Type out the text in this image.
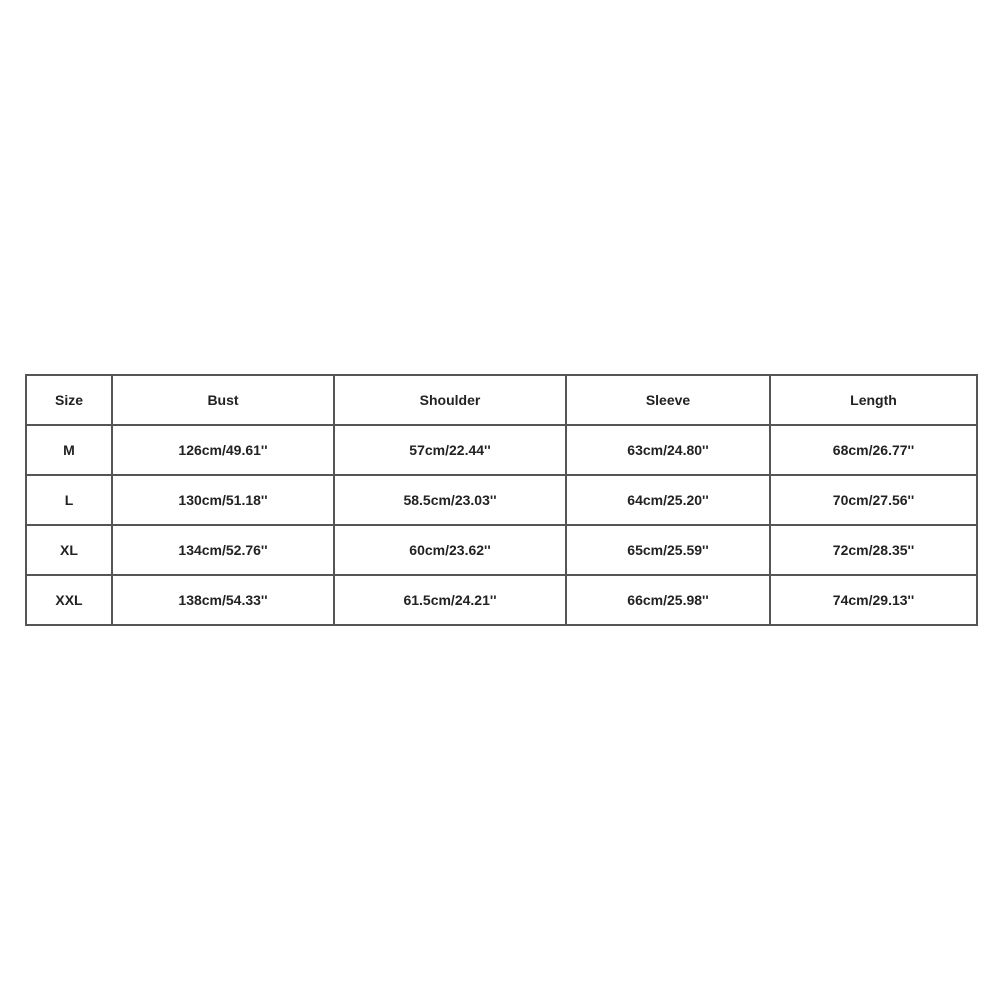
Size	Bust	Shoulder	Sleeve	Length
M	126cm/49.61''	57cm/22.44''	63cm/24.80''	68cm/26.77''
L	130cm/51.18''	58.5cm/23.03''	64cm/25.20''	70cm/27.56''
XL	134cm/52.76''	60cm/23.62''	65cm/25.59''	72cm/28.35''
XXL	138cm/54.33''	61.5cm/24.21''	66cm/25.98''	74cm/29.13''
